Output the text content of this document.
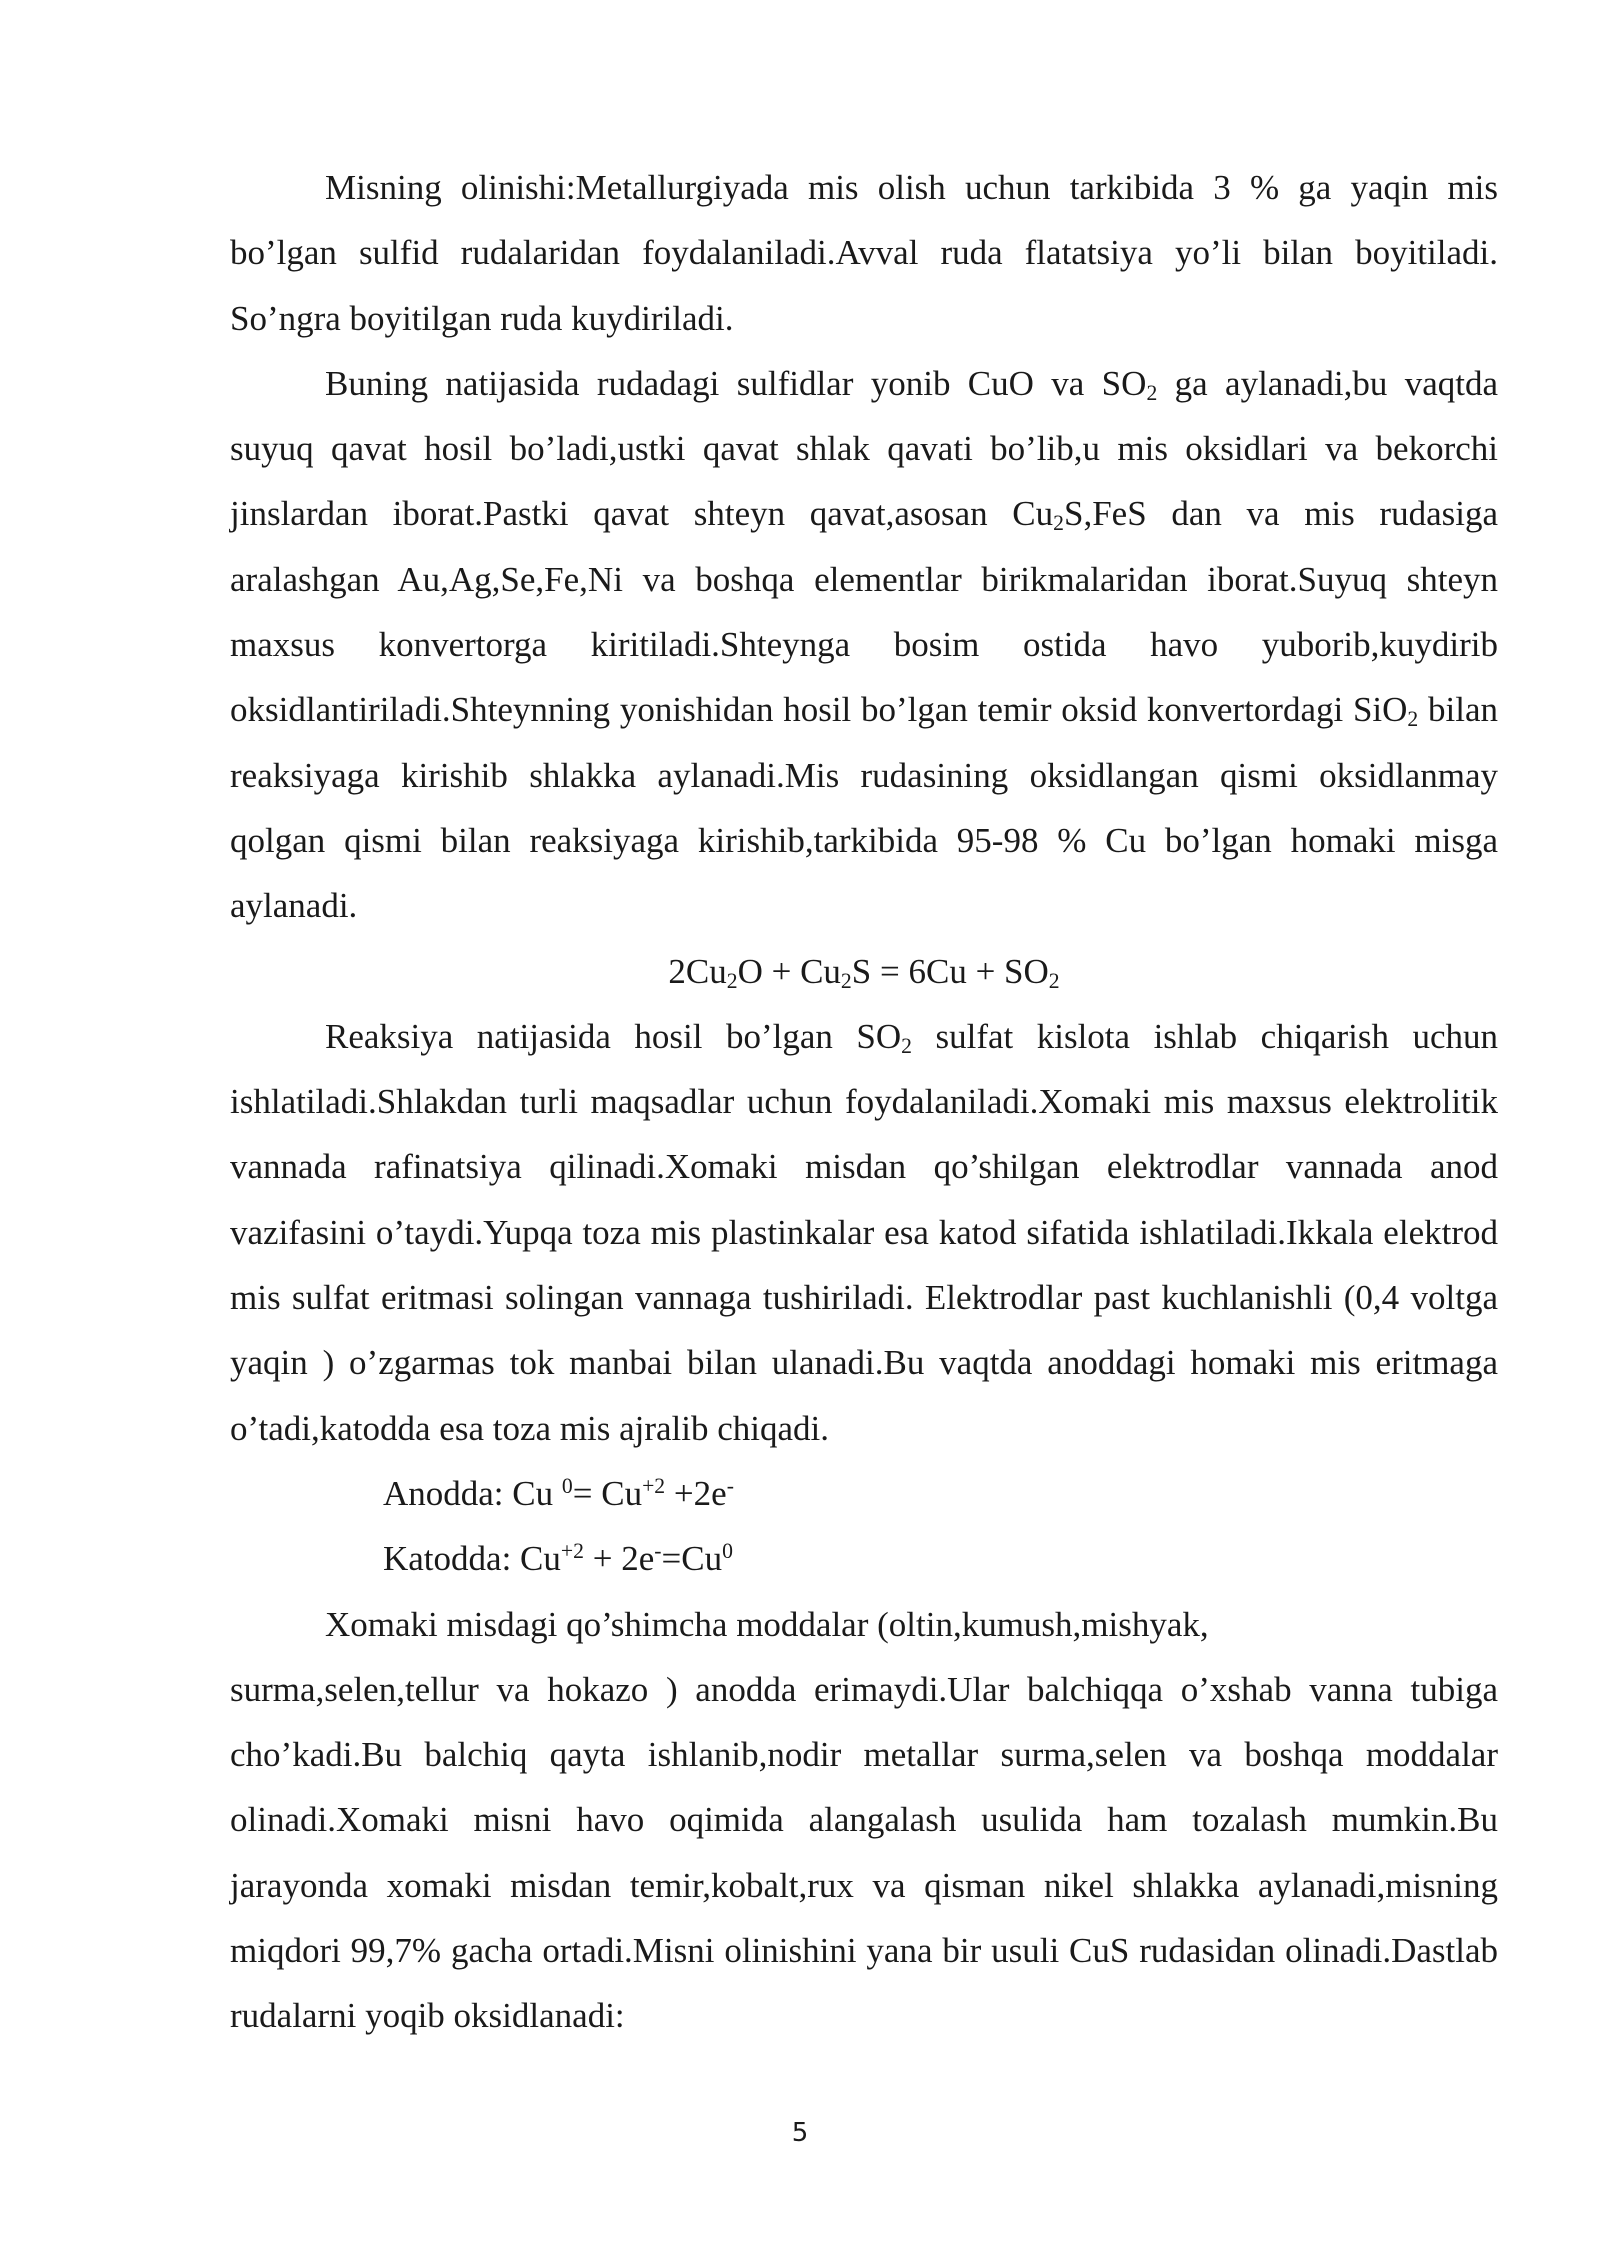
Misning olinishi:Metallurgiyada mis olish uchun tarkibida 3 % ga yaqin mis bo’lgan sulfid rudalaridan foydalaniladi.Avval ruda flatatsiya yo’li bilan boyitiladi. So’ngra boyitilgan ruda kuydiriladi.

Buning natijasida rudadagi sulfidlar yonib CuO va $SO_2$ ga aylanadi,bu vaqtda suyuq qavat hosil bo’ladi,ustki qavat shlak qavati bo’lib,u mis oksidlari va bekorchi jinslardan iborat.Pastki qavat shteyn qavat,asosan $Cu_2S,FeS$ dan va mis rudasiga aralashgan Au,Ag,Se,Fe,Ni va boshqa elementlar birikmalaridan iborat.Suyuq shteyn maxsus konvertorga kiritiladi.Shteynga bosim ostida havo yuborib,kuydirib oksidlantiriladi.Shteynning yonishidan hosil bo’lgan temir oksid konvertordagi SiO$_2$ bilan reaksiyaga kirishib shlakka aylanadi.Mis rudasining oksidlangan qismi oksidlanmay qolgan qismi bilan reaksiyaga kirishib,tarkibida 95-98 % Cu bo’lgan homaki misga aylanadi.

$2Cu_2O + Cu_2S = 6Cu + SO_2$

Reaksiya natijasida hosil bo’lgan $SO_2$ sulfat kislota ishlab chiqarish uchun ishlatiladi.Shlakdan turli maqsadlar uchun foydalaniladi.Xomaki mis maxsus elektrolitik vannada rafinatsiya qilinadi.Xomaki misdan qo’shilgan elektrodlar vannada anod vazifasini o’taydi.Yupqa toza mis plastinkalar esa katod sifatida ishlatiladi.Ikkala elektrod mis sulfat eritmasi solingan vannaga tushiriladi. Elektrodlar past kuchlanishli (0,4 voltga yaqin ) o’zgarmas tok manbai bilan ulanadi.Bu vaqtda anoddagi homaki mis eritmaga o’tadi,katodda esa toza mis ajralib chiqadi.

Anodda: Cu $^0= Cu^{+2} +2e^-$

Katodda: $Cu^{+2} + 2e^-=Cu^0$

Xomaki misdagi qo’shimcha moddalar (oltin,kumush,mishyak,

surma,selen,tellur va hokazo ) anodda erimaydi.Ular balchiqqa o’xshab vanna tubiga cho’kadi.Bu balchiq qayta ishlanib,nodir metallar surma,selen va boshqa moddalar olinadi.Xomaki misni havo oqimida alangalash usulida ham tozalash mumkin.Bu jarayonda xomaki misdan temir,kobalt,rux va qisman nikel shlakka aylanadi,misning miqdori 99,7% gacha ortadi.Misni olinishini yana bir usuli CuS rudasidan olinadi.Dastlab rudalarni yoqib oksidlanadi:

5
